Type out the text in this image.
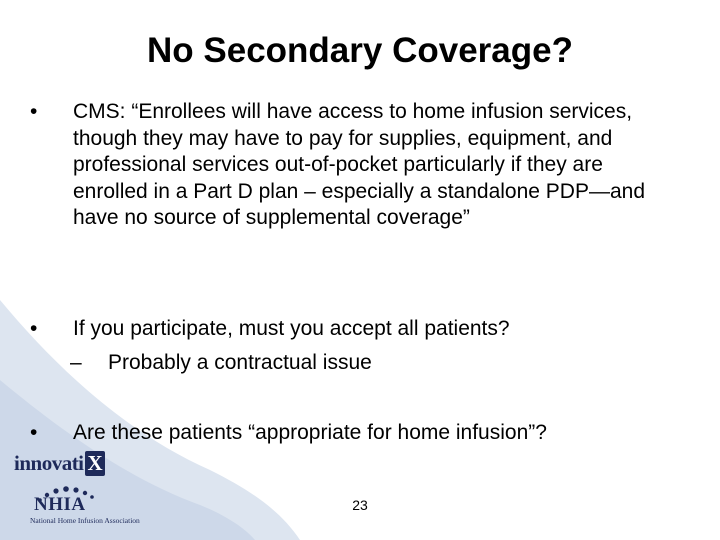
No Secondary Coverage?
•	CMS: “Enrollees will have access to home infusion services, though they may have to pay for supplies, equipment, and professional services out-of-pocket particularly if they are enrolled in a Part D plan – especially a standalone PDP—and have no source of supplemental coverage”
•	If you participate, must you accept all patients?
– Probably a contractual issue
•	Are these patients “appropriate for home infusion”?
innovati X
NHIA
National Home Infusion Association
23
